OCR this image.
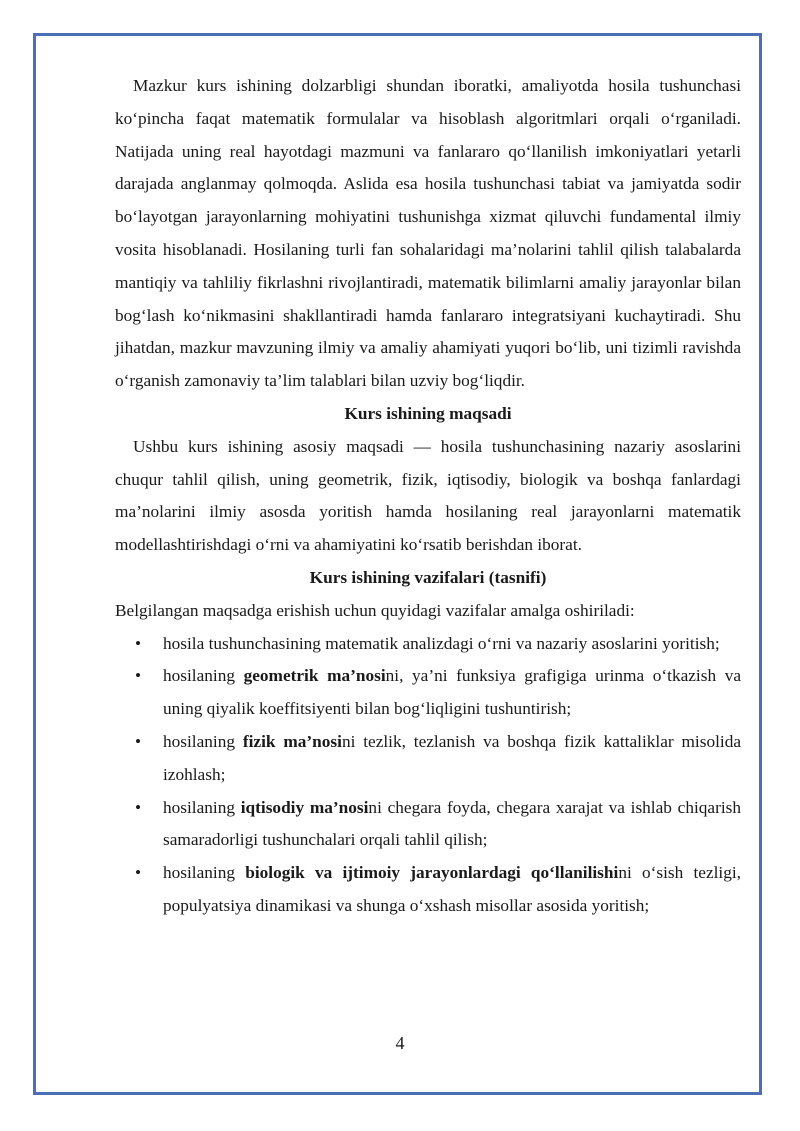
Mazkur kurs ishining dolzarbligi shundan iboratki, amaliyotda hosila tushunchasi ko‘pincha faqat matematik formulalar va hisoblash algoritmlari orqali o‘rganiladi. Natijada uning real hayotdagi mazmuni va fanlararo qo‘llanilish imkoniyatlari yetarli darajada anglanmay qolmoqda. Aslida esa hosila tushunchasi tabiat va jamiyatda sodir bo‘layotgan jarayonlarning mohiyatini tushunishga xizmat qiluvchi fundamental ilmiy vosita hisoblanadi. Hosilaning turli fan sohalaridagi ma’nolarini tahlil qilish talabalarda mantiqiy va tahliliy fikrlashni rivojlantiradi, matematik bilimlarni amaliy jarayonlar bilan bog‘lash ko‘nikmasini shakllantiradi hamda fanlararo integratsiyani kuchaytiradi. Shu jihatdan, mazkur mavzuning ilmiy va amaliy ahamiyati yuqori bo‘lib, uni tizimli ravishda o‘rganish zamonaviy ta’lim talablari bilan uzviy bog‘liqdir.

Kurs ishining maqsadi

Ushbu kurs ishining asosiy maqsadi — hosila tushunchasining nazariy asoslarini chuqur tahlil qilish, uning geometrik, fizik, iqtisodiy, biologik va boshqa fanlardagi ma’nolarini ilmiy asosda yoritish hamda hosilaning real jarayonlarni matematik modellashtirishdagi o‘rni va ahamiyatini ko‘rsatib berishdan iborat.

Kurs ishining vazifalari (tasnifi)

Belgilangan maqsadga erishish uchun quyidagi vazifalar amalga oshiriladi:

• hosila tushunchasining matematik analizdagi o‘rni va nazariy asoslarini yoritish;
• hosilaning geometrik ma’nosini, ya’ni funksiya grafigiga urinma o‘tkazish va uning qiyalik koeffitsiyenti bilan bog‘liqligini tushuntirish;
• hosilaning fizik ma’nosini tezlik, tezlanish va boshqa fizik kattaliklar misolida izohlash;
• hosilaning iqtisodiy ma’nosini chegara foyda, chegara xarajat va ishlab chiqarish samaradorligi tushunchalari orqali tahlil qilish;
• hosilaning biologik va ijtimoiy jarayonlardagi qo‘llanilishini o‘sish tezligi, populyatsiya dinamikasi va shunga o‘xshash misollar asosida yoritish;
4
